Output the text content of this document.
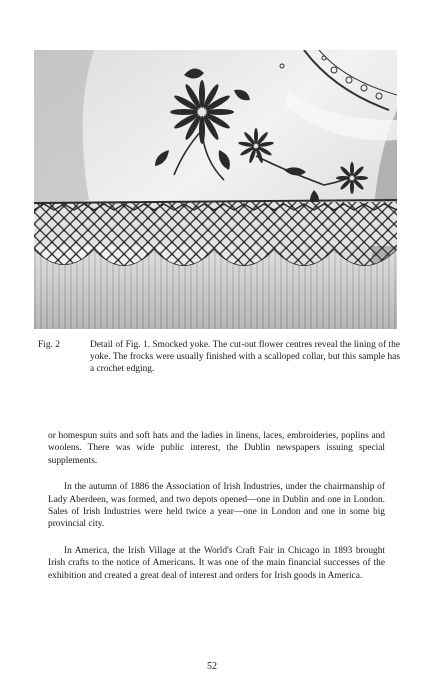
Fig. 2	Detail of Fig. 1. Smocked yoke. The cut-out flower centres reveal the lining of the yoke. The frocks were usually finished with a scalloped collar, but this sample has a crochet edging.

or homespun suits and soft hats and the ladies in linens, laces, embroideries, poplins and woolens. There was wide public interest, the Dublin newspapers issuing special supplements.

In the autumn of 1886 the Association of Irish Industries, under the chairmanship of Lady Aberdeen, was formed, and two depots opened—one in Dublin and one in London. Sales of Irish Industries were held twice a year—one in London and one in some big provincial city.

In America, the Irish Village at the World's Craft Fair in Chicago in 1893 brought Irish crafts to the notice of Americans. It was one of the main financial successes of the exhibition and created a great deal of interest and orders for Irish goods in America.

52
